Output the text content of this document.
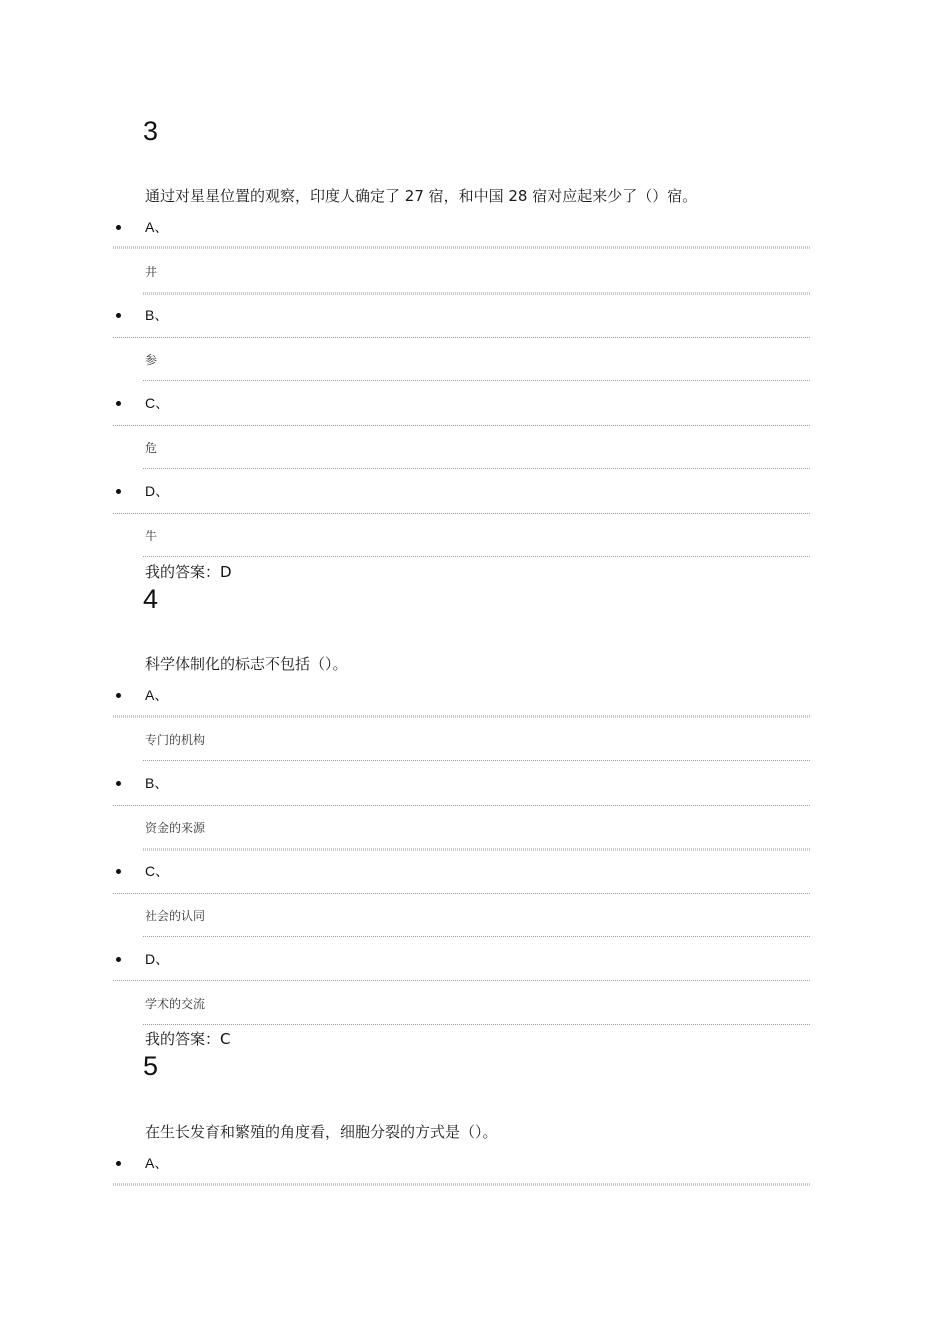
3
通过对星星位置的观察，印度人确定了 27 宿，和中国 28 宿对应起来少了（）宿。
A、
井
B、
参
C、
危
D、
牛
我的答案：D
4
科学体制化的标志不包括（）。
A、
专门的机构
B、
资金的来源
C、
社会的认同
D、
学术的交流
我的答案：C
5
在生长发育和繁殖的角度看，细胞分裂的方式是（）。
A、
